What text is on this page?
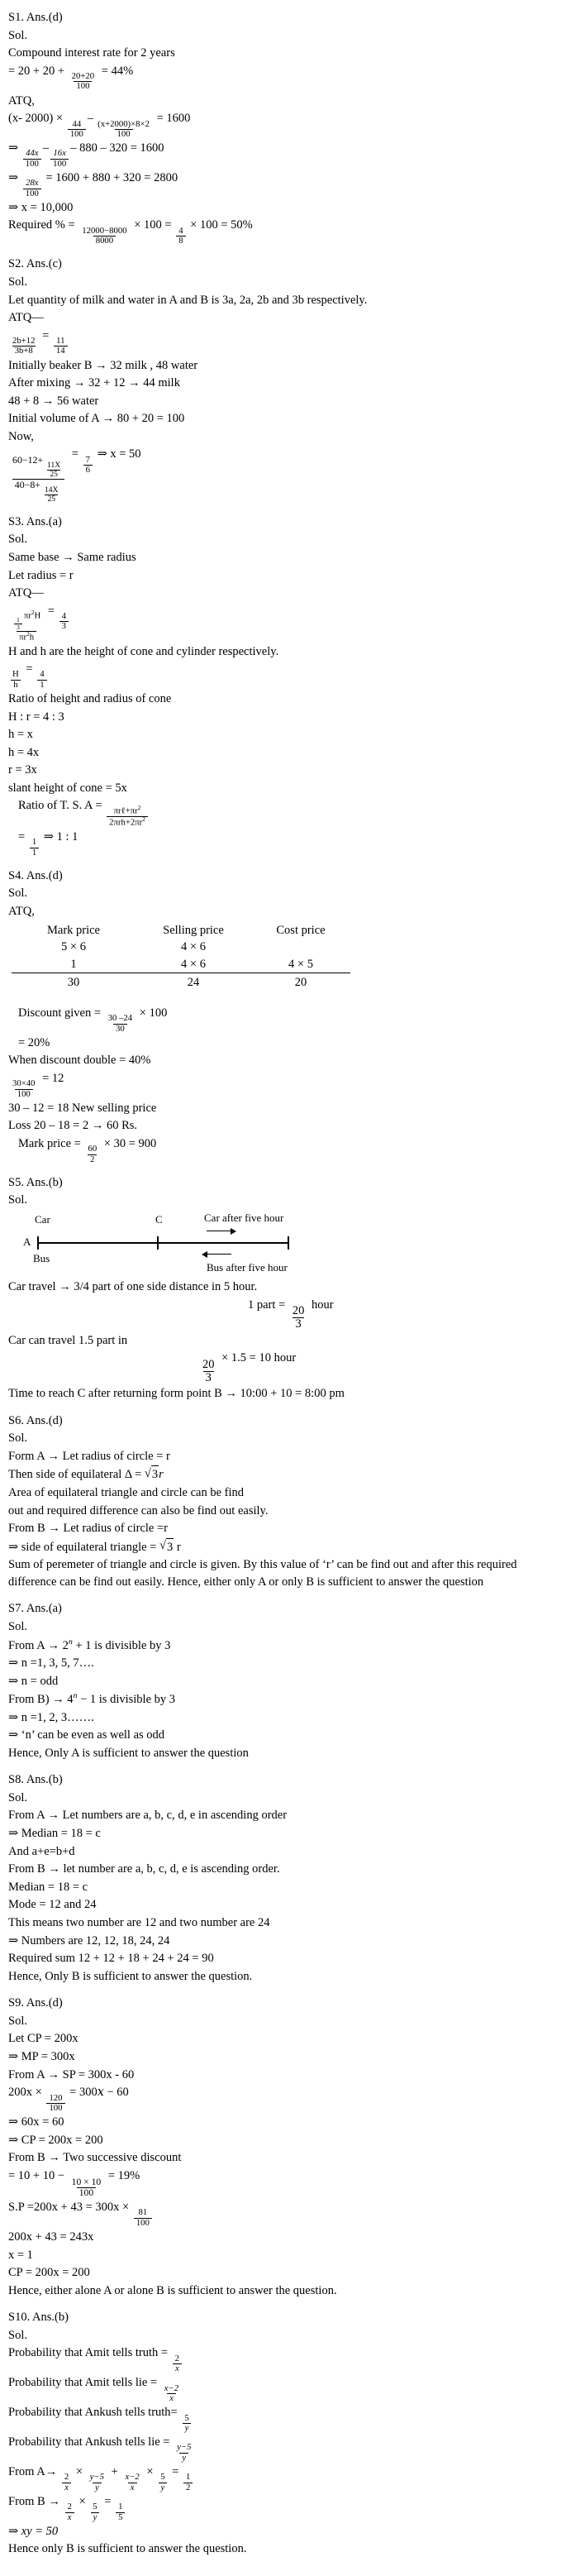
S1. Ans.(d)
Sol.
Compound interest rate for 2 years
= 20 + 20 +
$\frac{20+20}{100}$
= 44%
ATQ,
(x- 2000) ×
$\frac{44}{100}$
–
$\frac{(x+2000)\times 8\times 2}{100}$
= 1600
⇒
$\frac{44x}{100}$
–
$\frac{16x}{100}$
– 880 – 320 = 1600
⇒
$\frac{28x}{100}$
= 1600 + 880 + 320 = 2800
⇒ x = 10,000
Required % =
$\frac{12000-8000}{8000}$
× 100 =
$\frac{4}{8}$
× 100 = 50%
S2. Ans.(c)
Sol.
Let quantity of milk and water in A and B is 3a, 2a, 2b and 3b respectively.
ATQ—
$\frac{2b+12}{3b+8}$
=
$\frac{11}{14}$
Initially beaker B → 32 milk , 48 water
After mixing → 32 + 12 → 44 milk
48 + 8 → 56 water
Initial volume of A → 80 + 20 = 100
Now,
60−12+
$\frac{11X}{25}$
40−8+
$\frac{14X}{25}$
=
$\frac{7}{6}$
⇒ x = 50
S3. Ans.(a)
Sol.
Same base → Same radius
Let radius = r
ATQ—
$\frac{1}{3}$
$\pi r^2H$
$\pi r^2h$ =
$\frac{4}{3}$
H and h are the height of cone and cylinder respectively.
$\frac{H}{h}$
=
$\frac{4}{1}$
Ratio of height and radius of cone
H : r = 4 : 3
h = x
h = 4x
r = 3x
slant height of cone = 5x
Ratio of T. S. $A = \frac{\pi r\ell+\pi r^2}{2\pi rh+2\pi r^2}$
=
$\frac{1}{1}$
⇒ 1 : 1
S4. Ans.(d)
Sol.
ATQ,
Mark price	Selling price	Cost price
5 × 6	4 × 6
1	4 × 6	4 × 5
30	24	20
Discount given =
$\frac{30 -24}{30}$
× 100
= 20%
When discount double = 40%
$\frac{30\times 40}{100}$
= 12
30 – 12 = 18 New selling price
Loss 20 – 18 = 2 → 60 Rs.
Mark price =
$\frac{60}{2}$
× 30 = 900
S5. Ans.(b)
Sol.
Car	C	Car after five hour
A
Bus
Bus after five hour
Car travel → 3/4 part of one side distance in 5 hour.
1 part =
$\frac{20}{3}$
hour
Car can travel 1.5 part in
$\frac{20}{3}$
× 1.5 = 10 hour
Time to reach C after returning form point B → 10:00 + 10 = 8:00 pm
S6. Ans.(d)
Sol.
Form A → Let radius of circle = r
Then side of equilateral Δ = √ 3r
Area of equilateral triangle and circle can be find
out and required difference can also be find out easily.
From B → Let radius of circle =r
⇒ side of equilateral triangle = √ 3 r
Sum of peremeter of triangle and circle is given. By this value of ‘r’ can be find out and after this required difference can be find out easily. Hence, either only A or only B is sufficient to answer the question
S7. Ans.(a)
Sol.
From $A \to 2^n + 1$ is divisible by 3
⇒ n =1, 3, 5, 7….
⇒ n = odd
From $B) \to 4^n - 1$ is divisible by 3
⇒ n =1, 2, 3…….
⇒ ‘n’ can be even as well as odd
Hence, Only A is sufficient to answer the question
S8. Ans.(b)
Sol.
From A → Let numbers are a, b, c, d, e in ascending order
⇒ Median = 18 = c
And a+e=b+d
From B → let number are a, b, c, d, e is ascending order.
Median = 18 = c
Mode = 12 and 24
This means two number are 12 and two number are 24
⇒ Numbers are 12, 12, 18, 24, 24
Required sum 12 + 12 + 18 + 24 + 24 = 90
Hence, Only B is sufficient to answer the question.
S9. Ans.(d)
Sol.
Let CP = 200x
⇒ MP = 300x
From A → SP = 300x - 60
200x ×
$\frac{120}{100}$
= 300𝑥 − 60
⇒ 60x = 60
⇒ CP = 200x = 200
From B → Two successive discount
= 10 + 10 −
$\frac{10 \times 10}{100}$
= 19%
S.P =200x + 43 = 300x ×
$\frac{81}{100}$
200x + 43 = 243x
x = 1
CP = 200x = 200
Hence, either alone A or alone B is sufficient to answer the question.
S10. Ans.(b)
Sol.
Probability that Amit tells truth =
$\frac{2}{x}$
Probability that Amit tells lie =
$\frac{x-2}{x}$
Probability that Ankush tells truth=
$\frac{5}{y}$
Probability that Ankush tells lie =
$\frac{y-5}{y}$
From A→
$\frac{2}{x}$
×
$\frac{y-5}{y}$
+
$\frac{x-2}{x}$
×
$\frac{5}{y}$
=
$\frac{1}{2}$
From B →
$\frac{2}{x}$
×
$\frac{5}{y}$
=
$\frac{1}{5}$
⇒ xy = 50
Hence only B is sufficient to answer the question.
